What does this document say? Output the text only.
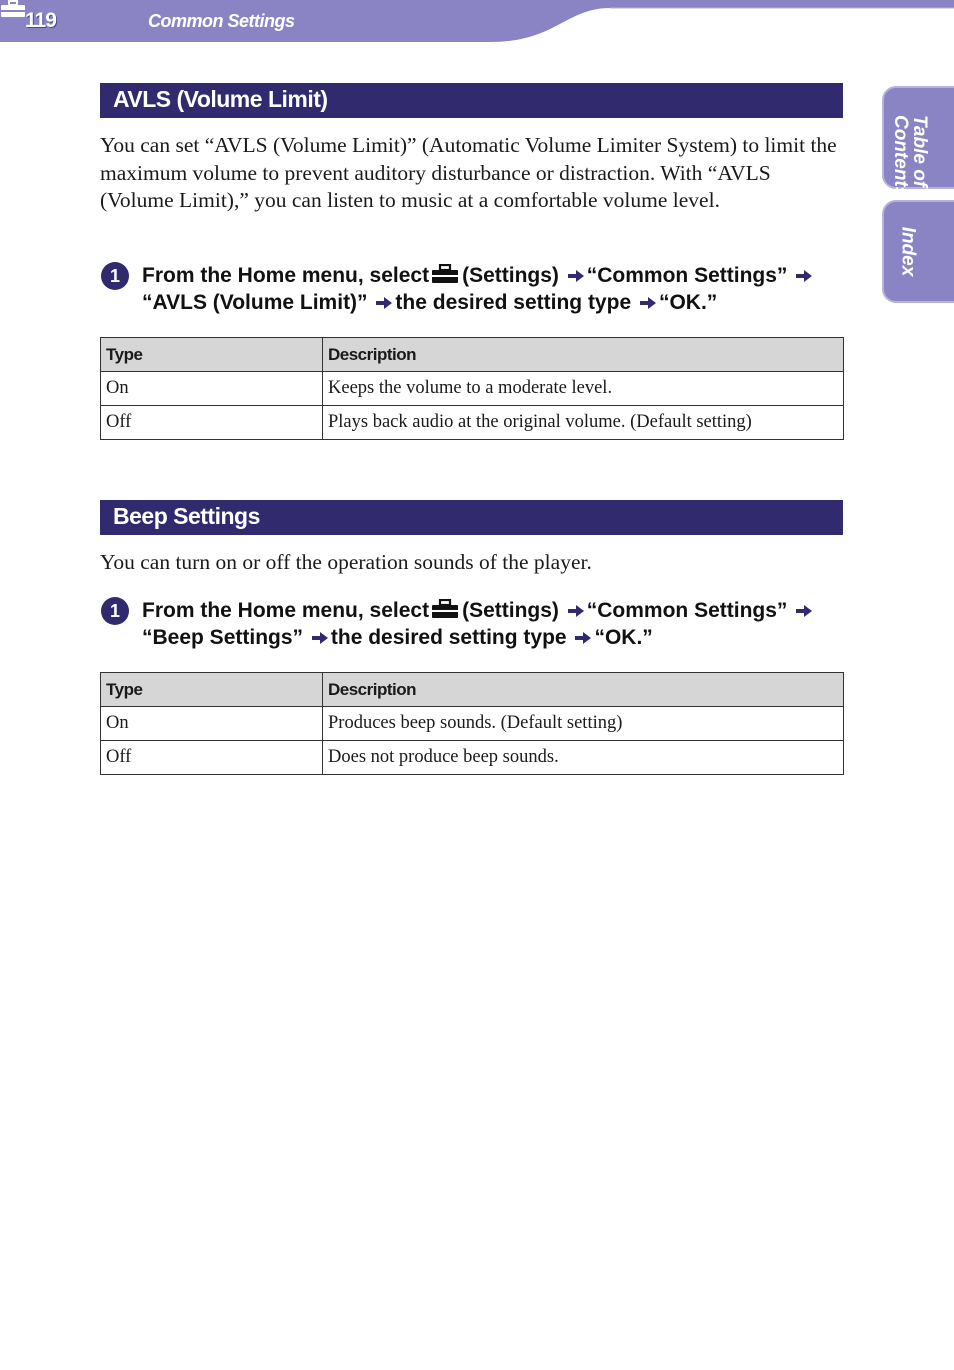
119	Common Settings
Table of
Contents
Index
AVLS (Volume Limit)
You can set “AVLS (Volume Limit)” (Automatic Volume Limiter System) to limit the maximum volume to prevent auditory disturbance or distraction. With “AVLS (Volume Limit),” you can listen to music at a comfortable volume level.
1	From the Home menu, select (Settings) “Common Settings”
“AVLS (Volume Limit)” the desired setting type “OK.”
Type	Description
On	Keeps the volume to a moderate level.
Off	Plays back audio at the original volume. (Default setting)
Beep Settings
You can turn on or off the operation sounds of the player.
1	From the Home menu, select (Settings) “Common Settings”
“Beep Settings” the desired setting type “OK.”
Type	Description
On	Produces beep sounds. (Default setting)
Off	Does not produce beep sounds.
